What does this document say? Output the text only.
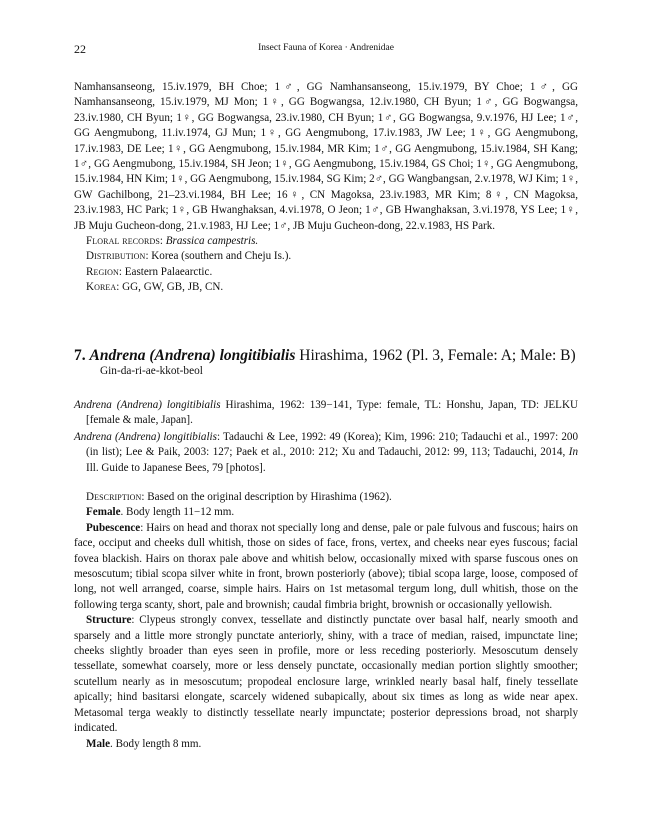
22	Insect Fauna of Korea · Andrenidae

Namhansanseong, 15.iv.1979, BH Choe; 1♂, GG Namhansanseong, 15.iv.1979, BY Choe; 1♂, GG Namhansanseong, 15.iv.1979, MJ Mon; 1♀, GG Bogwangsa, 12.iv.1980, CH Byun; 1♂, GG Bogwangsa, 23.iv.1980, CH Byun; 1♀, GG Bogwangsa, 23.iv.1980, CH Byun; 1♂, GG Bogwangsa, 9.v.1976, HJ Lee; 1♂, GG Aengmubong, 11.iv.1974, GJ Mun; 1♀, GG Aengmubong, 17.iv.1983, JW Lee; 1♀, GG Aengmubong, 17.iv.1983, DE Lee; 1♀, GG Aengmubong, 15.iv.1984, MR Kim; 1♂, GG Aengmubong, 15.iv.1984, SH Kang; 1♂, GG Aengmubong, 15.iv.1984, SH Jeon; 1♀, GG Aengmubong, 15.iv.1984, GS Choi; 1♀, GG Aengmubong, 15.iv.1984, HN Kim; 1♀, GG Aengmubong, 15.iv.1984, SG Kim; 2♂, GG Wangbangsan, 2.v.1978, WJ Kim; 1♀, GW Gachilbong, 21–23.vi.1984, BH Lee; 16♀, CN Magoksa, 23.iv.1983, MR Kim; 8♀, CN Magoksa, 23.iv.1983, HC Park; 1♀, GB Hwanghaksan, 4.vi.1978, O Jeon; 1♂, GB Hwanghaksan, 3.vi.1978, YS Lee; 1♀, JB Muju Gucheon-dong, 21.v.1983, HJ Lee; 1♂, JB Muju Gucheon-dong, 22.v.1983, HS Park.

Floral records: Brassica campestris.

Distribution: Korea (southern and Cheju Is.).

Region: Eastern Palaearctic.

Korea: GG, GW, GB, JB, CN.

7. Andrena (Andrena) longitibialis Hirashima, 1962 (Pl. 3, Female: A; Male: B)
Gin-da-ri-ae-kkot-beol

Andrena (Andrena) longitibialis Hirashima, 1962: 139−141, Type: female, TL: Honshu, Japan, TD: JELKU [female & male, Japan].

Andrena (Andrena) longitibialis: Tadauchi & Lee, 1992: 49 (Korea); Kim, 1996: 210; Tadauchi et al., 1997: 200 (in list); Lee & Paik, 2003: 127; Paek et al., 2010: 212; Xu and Tadauchi, 2012: 99, 113; Tadauchi, 2014, In Ill. Guide to Japanese Bees, 79 [photos].

Description: Based on the original description by Hirashima (1962).

Female. Body length 11−12 mm.

Pubescence: Hairs on head and thorax not specially long and dense, pale or pale fulvous and fuscous; hairs on face, occiput and cheeks dull whitish, those on sides of face, frons, vertex, and cheeks near eyes fuscous; facial fovea blackish. Hairs on thorax pale above and whitish below, occasionally mixed with sparse fuscous ones on mesoscutum; tibial scopa silver white in front, brown posteriorly (above); tibial scopa large, loose, composed of long, not well arranged, coarse, simple hairs. Hairs on 1st metasomal tergum long, dull whitish, those on the following terga scanty, short, pale and brownish; caudal fimbria bright, brownish or occasionally yellowish.

Structure: Clypeus strongly convex, tessellate and distinctly punctate over basal half, nearly smooth and sparsely and a little more strongly punctate anteriorly, shiny, with a trace of median, raised, impunctate line; cheeks slightly broader than eyes seen in profile, more or less receding posteriorly. Mesoscutum densely tessellate, somewhat coarsely, more or less densely punctate, occasionally median portion slightly smoother; scutellum nearly as in mesoscutum; propodeal enclosure large, wrinkled nearly basal half, finely tessellate apically; hind basitarsi elongate, scarcely widened subapically, about six times as long as wide near apex. Metasomal terga weakly to distinctly tessellate nearly impunctate; posterior depressions broad, not sharply indicated.

Male. Body length 8 mm.
